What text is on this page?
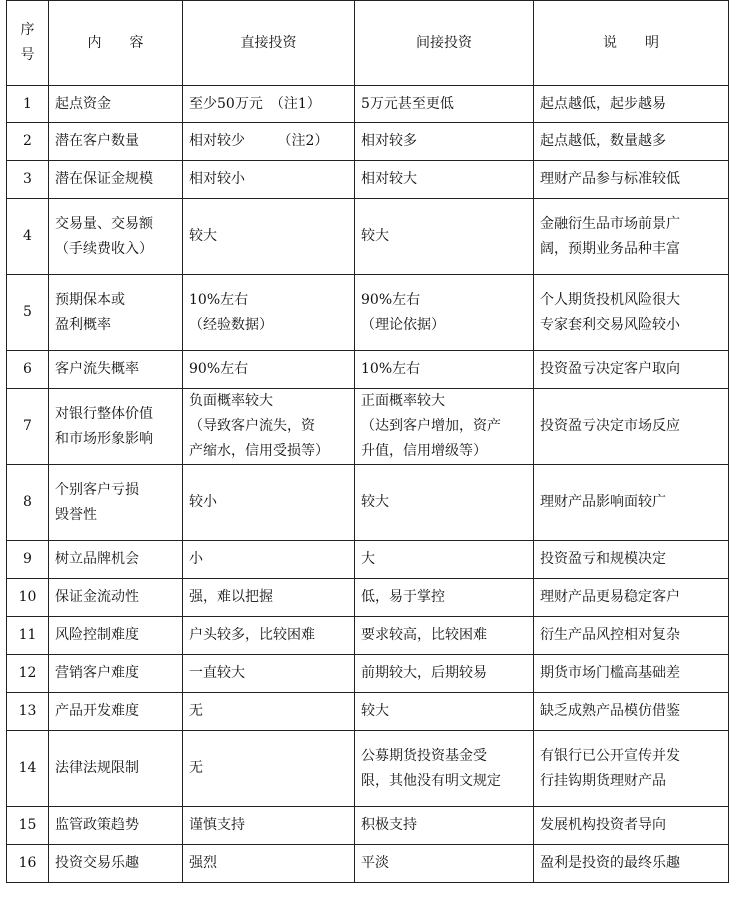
序
号	内　　容	直接投资	间接投资	说　　明
1	起点资金	至少50万元　（注1）	5万元甚至更低	起点越低，起步越易

2	潜在客户数量	相对较少　　 （注2）	相对较多	起点越低，数量越多

3	潜在保证金规模	相对较小	相对较大	理财产品参与标准较低

4	交易量、交易额
（手续费收入）	较大	较大	金融衍生品市场前景广
阔，预期业务品种丰富

5	预期保本或
盈利概率	10%左右
（经验数据）	90%左右
（理论依据）	个人期货投机风险很大
专家套利交易风险较小

6	客户流失概率	90%左右	10%左右	投资盈亏决定客户取向

7	对银行整体价值
和市场形象影响	负面概率较大
（导致客户流失，资
产缩水，信用受损等）	正面概率较大
（达到客户增加，资产
升值，信用增级等）	投资盈亏决定市场反应

8	个别客户亏损
毁誉性	较小	较大	理财产品影响面较广

9	树立品牌机会	小	大	投资盈亏和规模决定

10	保证金流动性	强，难以把握	低，易于掌控	理财产品更易稳定客户

11	风险控制难度	户头较多，比较困难	要求较高，比较困难	衍生产品风控相对复杂

12	营销客户难度	一直较大	前期较大，后期较易	期货市场门槛高基础差

13	产品开发难度	无	较大	缺乏成熟产品模仿借鉴

14	法律法规限制	无	公募期货投资基金受
限，其他没有明文规定	有银行已公开宣传并发
行挂钩期货理财产品

15	监管政策趋势	谨慎支持	积极支持	发展机构投资者导向

16	投资交易乐趣	强烈	平淡	盈利是投资的最终乐趣
